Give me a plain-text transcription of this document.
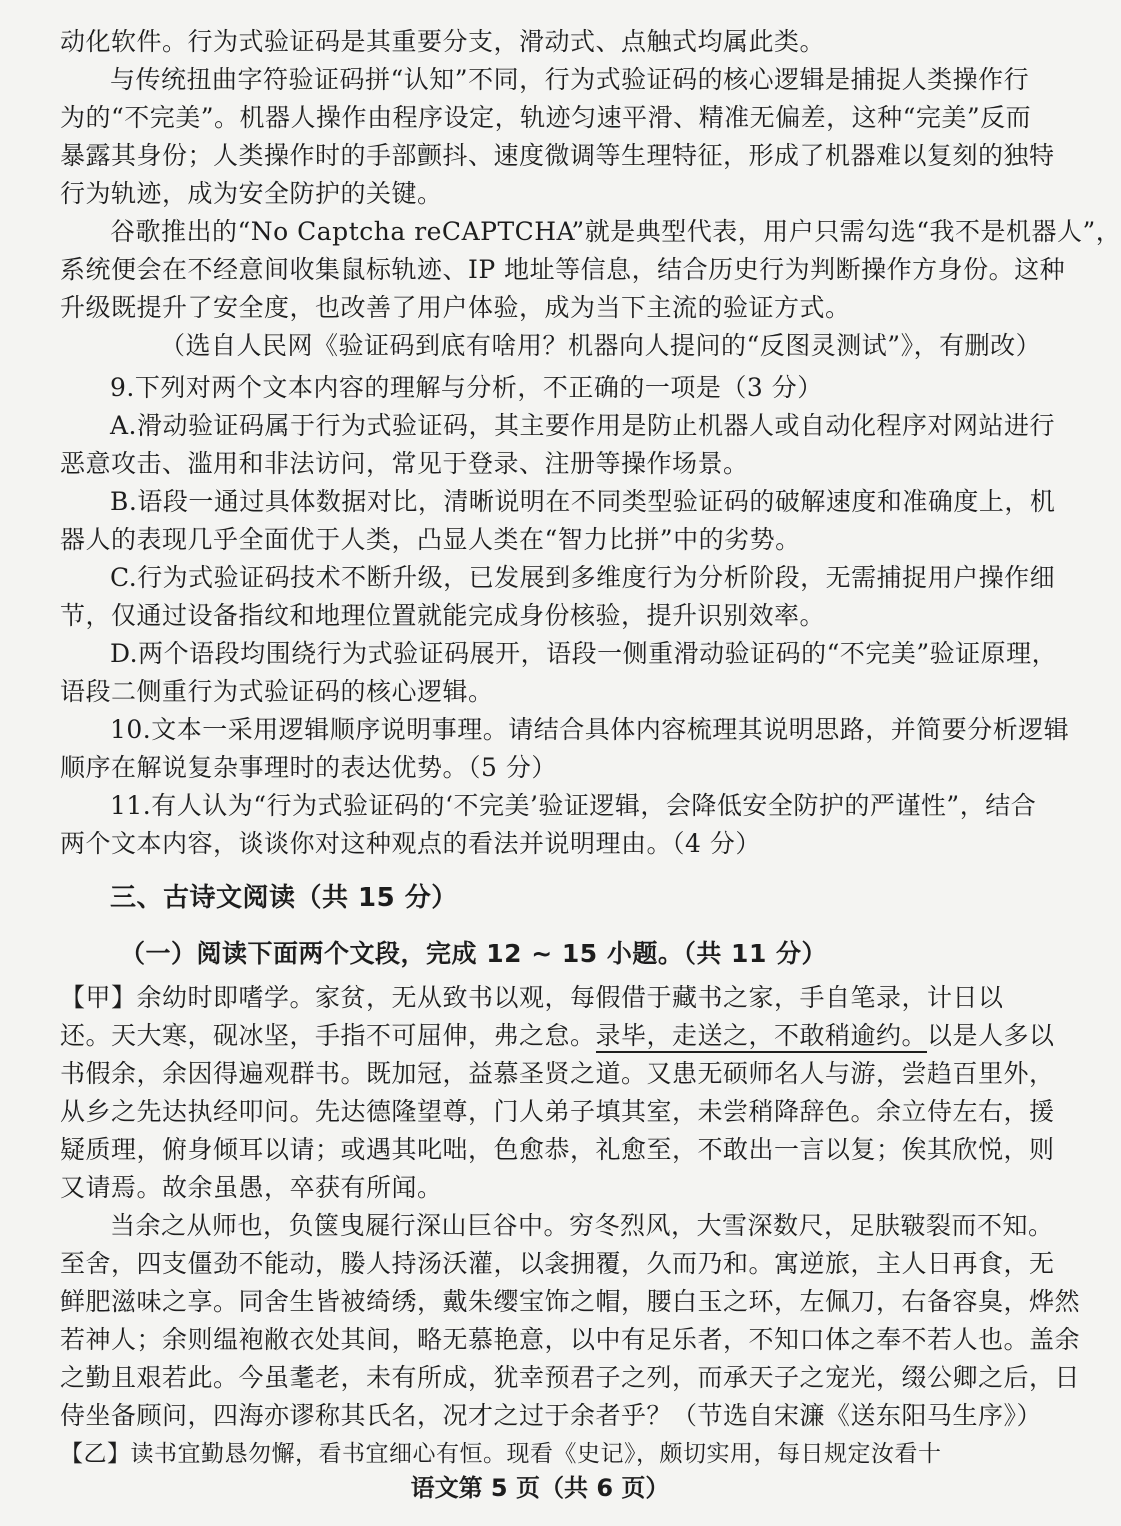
动化软件。行为式验证码是其重要分支，滑动式、点触式均属此类。
与传统扭曲字符验证码拼“认知”不同，行为式验证码的核心逻辑是捕捉人类操作行
为的“不完美”。机器人操作由程序设定，轨迹匀速平滑、精准无偏差，这种“完美”反而
暴露其身份；人类操作时的手部颤抖、速度微调等生理特征，形成了机器难以复刻的独特
行为轨迹，成为安全防护的关键。
谷歌推出的“No Captcha reCAPTCHA”就是典型代表，用户只需勾选“我不是机器人”，
系统便会在不经意间收集鼠标轨迹、IP 地址等信息，结合历史行为判断操作方身份。这种
升级既提升了安全度，也改善了用户体验，成为当下主流的验证方式。
（选自人民网《验证码到底有啥用？机器向人提问的“反图灵测试”》，有删改）
9.下列对两个文本内容的理解与分析，不正确的一项是（3 分）
A.滑动验证码属于行为式验证码，其主要作用是防止机器人或自动化程序对网站进行
恶意攻击、滥用和非法访问，常见于登录、注册等操作场景。
B.语段一通过具体数据对比，清晰说明在不同类型验证码的破解速度和准确度上，机
器人的表现几乎全面优于人类，凸显人类在“智力比拼”中的劣势。
C.行为式验证码技术不断升级，已发展到多维度行为分析阶段，无需捕捉用户操作细
节，仅通过设备指纹和地理位置就能完成身份核验，提升识别效率。
D.两个语段均围绕行为式验证码展开，语段一侧重滑动验证码的“不完美”验证原理，
语段二侧重行为式验证码的核心逻辑。
10.文本一采用逻辑顺序说明事理。请结合具体内容梳理其说明思路，并简要分析逻辑
顺序在解说复杂事理时的表达优势。（5 分）
11.有人认为“行为式验证码的‘不完美’验证逻辑，会降低安全防护的严谨性”，结合
两个文本内容，谈谈你对这种观点的看法并说明理由。（4 分）
三、古诗文阅读（共 15 分）
（一）阅读下面两个文段，完成 12 ~ 15 小题。（共 11 分）
【甲】余幼时即嗜学。家贫，无从致书以观，每假借于藏书之家，手自笔录，计日以
还。天大寒，砚冰坚，手指不可屈伸，弗之怠。录毕，走送之，不敢稍逾约。以是人多以
书假余，余因得遍观群书。既加冠，益慕圣贤之道。又患无硕师名人与游，尝趋百里外，
从乡之先达执经叩问。先达德隆望尊，门人弟子填其室，未尝稍降辞色。余立侍左右，援
疑质理，俯身倾耳以请；或遇其叱咄，色愈恭，礼愈至，不敢出一言以复；俟其欣悦，则
又请焉。故余虽愚，卒获有所闻。
当余之从师也，负箧曳屣行深山巨谷中。穷冬烈风，大雪深数尺，足肤皲裂而不知。
至舍，四支僵劲不能动，媵人持汤沃灌，以衾拥覆，久而乃和。寓逆旅，主人日再食，无
鲜肥滋味之享。同舍生皆被绮绣，戴朱缨宝饰之帽，腰白玉之环，左佩刀，右备容臭，烨然
若神人；余则缊袍敝衣处其间，略无慕艳意，以中有足乐者，不知口体之奉不若人也。盖余
之勤且艰若此。今虽耄老，未有所成，犹幸预君子之列，而承天子之宠光，缀公卿之后，日
侍坐备顾问，四海亦谬称其氏名，况才之过于余者乎？（节选自宋濂《送东阳马生序》）
【乙】读书宜勤恳勿懈，看书宜细心有恒。现看《史记》，颇切实用，每日规定汝看十
语文第 5 页（共 6 页）
